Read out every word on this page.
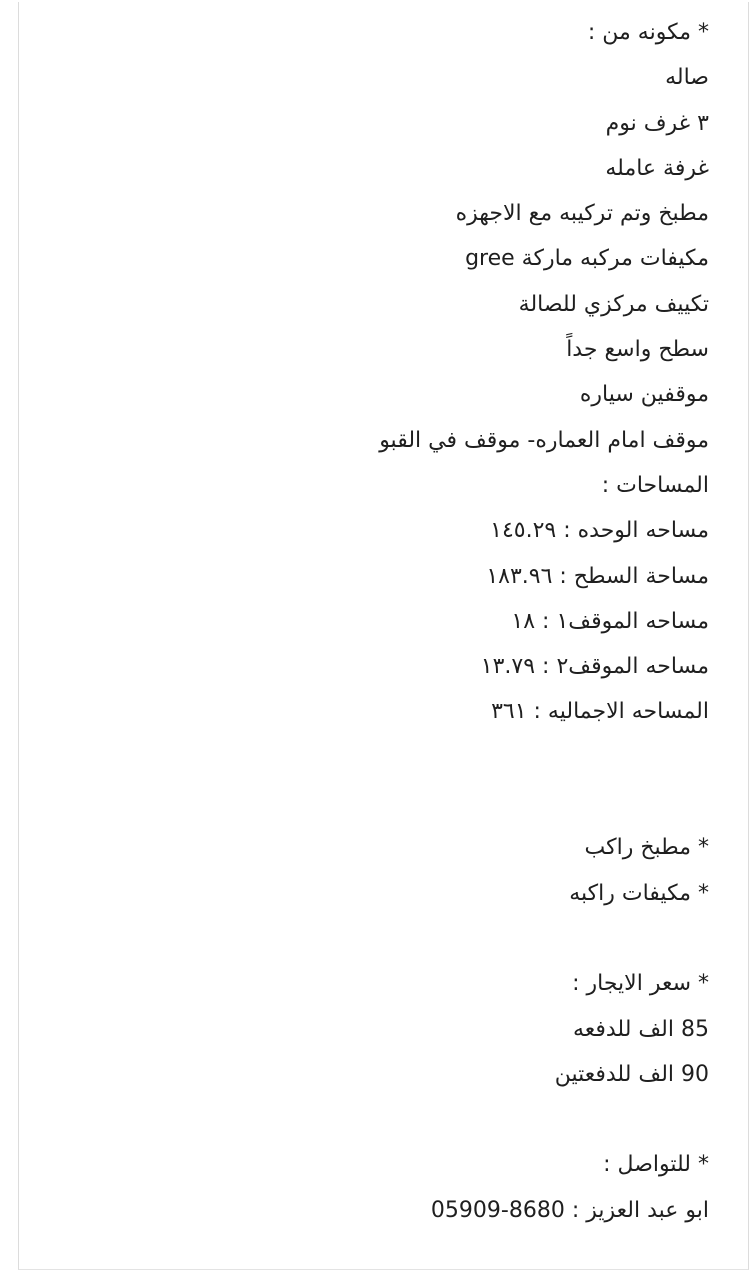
* مكونه من :
صاله
٣ غرف نوم
غرفة عامله
مطبخ وتم تركيبه مع الاجهزه
مكيفات مركبه ماركة gree
تكييف مركزي للصالة
سطح واسع جداً
موقفين سياره
موقف امام العماره- موقف في القبو
المساحات :
مساحه الوحده : ١٤٥.٢٩
مساحة السطح : ١٨٣.٩٦
مساحه الموقف١ : ١٨
مساحه الموقف٢ : ١٣.٧٩
المساحه الاجماليه : ٣٦١
* مطبخ راكب
* مكيفات راكبه
* سعر الايجار :
85 الف للدفعه
90 الف للدفعتين
* للتواصل :
ابو عبد العزيز : 8680-05909
